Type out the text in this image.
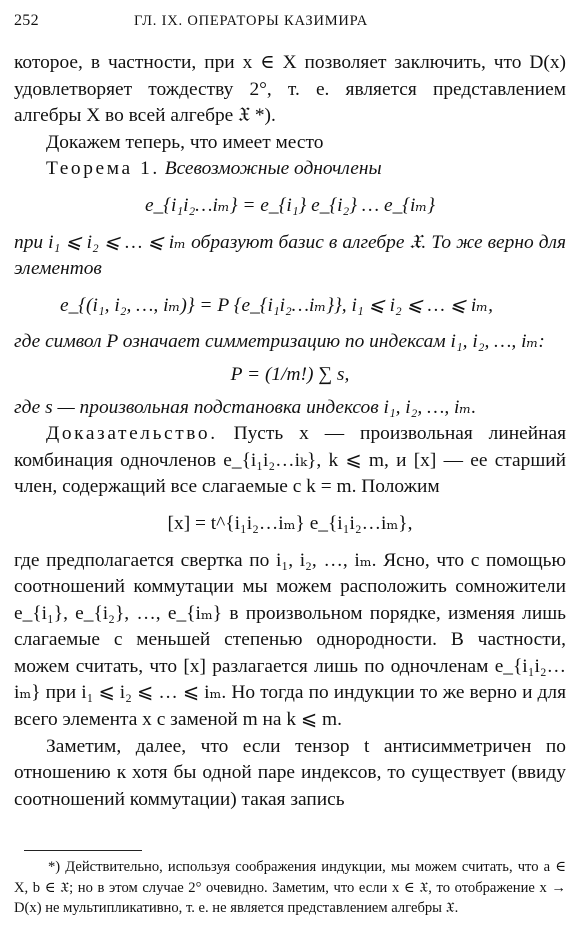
252	ГЛ. IX. ОПЕРАТОРЫ КАЗИМИРА

которое, в частности, при x ∈ X позволяет заключить, что D(x) удовлетворяет тождеству 2°, т. е. является представлением алгебры X во всей алгебре 𝔛 *).

Докажем теперь, что имеет место

Теорема 1. Всевозможные одночлены

e_{i₁i₂…iₘ} = e_{i₁} e_{i₂} … e_{iₘ}

при i₁ ⩽ i₂ ⩽ … ⩽ iₘ образуют базис в алгебре 𝔛. То же верно для элементов

e_{(i₁, i₂, …, iₘ)} = P {e_{i₁i₂…iₘ}}, i₁ ⩽ i₂ ⩽ … ⩽ iₘ,

где символ P означает симметризацию по индексам i₁, i₂, …, iₘ:

P = (1/m!) ∑ s,

где s — произвольная подстановка индексов i₁, i₂, …, iₘ.

Доказательство. Пусть x — произвольная линейная комбинация одночленов e_{i₁i₂…iₖ}, k ⩽ m, и [x] — ее старший член, содержащий все слагаемые с k = m. Положим

[x] = t^{i₁i₂…iₘ} e_{i₁i₂…iₘ},

где предполагается свертка по i₁, i₂, …, iₘ. Ясно, что с помощью соотношений коммутации мы можем расположить сомножители e_{i₁}, e_{i₂}, …, e_{iₘ} в произвольном порядке, изменяя лишь слагаемые с меньшей степенью однородности. В частности, можем считать, что [x] разлагается лишь по одночленам e_{i₁i₂…iₘ} при i₁ ⩽ i₂ ⩽ … ⩽ iₘ. Но тогда по индукции то же верно и для всего элемента x с заменой m на k ⩽ m.

Заметим, далее, что если тензор t антисимметричен по отношению к хотя бы одной паре индексов, то существует (ввиду соотношений коммутации) такая запись

*) Действительно, используя соображения индукции, мы можем считать, что a ∈ X, b ∈ 𝔛; но в этом случае 2° очевидно. Заметим, что если x ∈ 𝔛, то отображение x → D(x) не мультипликативно, т. е. не является представлением алгебры 𝔛.
